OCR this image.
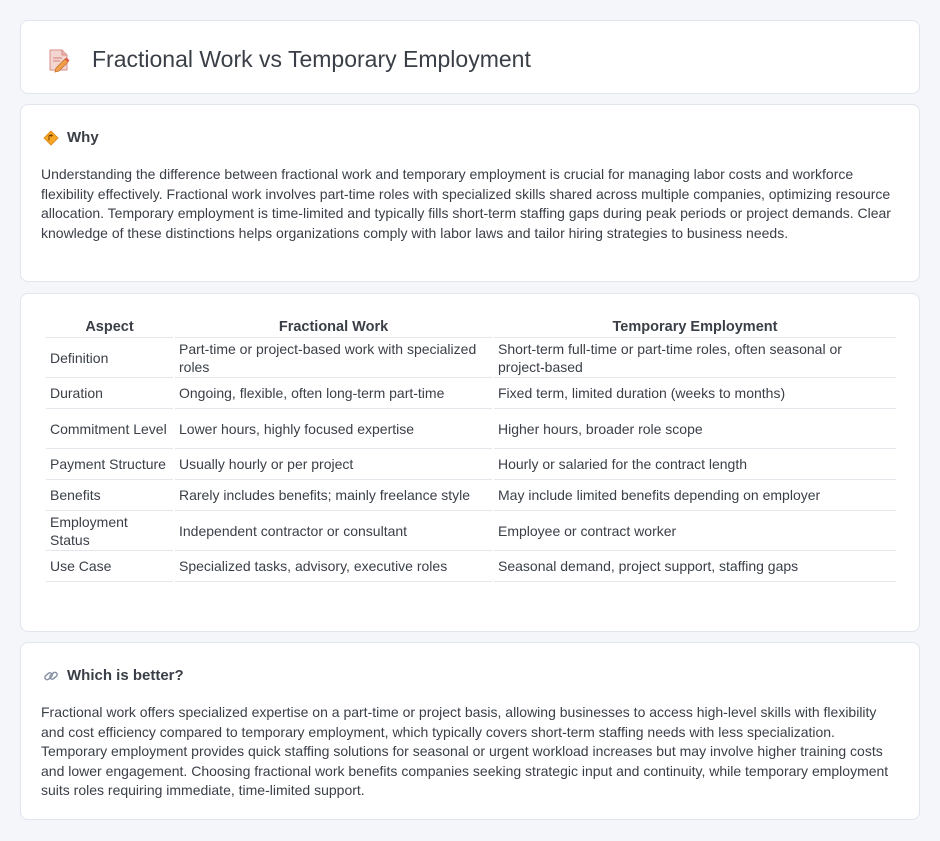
Fractional Work vs Temporary Employment
Why

Understanding the difference between fractional work and temporary employment is crucial for managing labor costs and workforce flexibility effectively. Fractional work involves part-time roles with specialized skills shared across multiple companies, optimizing resource allocation. Temporary employment is time-limited and typically fills short-term staffing gaps during peak periods or project demands. Clear knowledge of these distinctions helps organizations comply with labor laws and tailor hiring strategies to business needs.

Aspect	Fractional Work	Temporary Employment
Definition	Part-time or project-based work with specialized roles	Short-term full-time or part-time roles, often seasonal or project-based
Duration	Ongoing, flexible, often long-term part-time	Fixed term, limited duration (weeks to months)
Commitment Level	Lower hours, highly focused expertise	Higher hours, broader role scope
Payment Structure	Usually hourly or per project	Hourly or salaried for the contract length
Benefits	Rarely includes benefits; mainly freelance style	May include limited benefits depending on employer
Employment Status	Independent contractor or consultant	Employee or contract worker
Use Case	Specialized tasks, advisory, executive roles	Seasonal demand, project support, staffing gaps
Which is better?

Fractional work offers specialized expertise on a part-time or project basis, allowing businesses to access high-level skills with flexibility and cost efficiency compared to temporary employment, which typically covers short-term staffing needs with less specialization. Temporary employment provides quick staffing solutions for seasonal or urgent workload increases but may involve higher training costs and lower engagement. Choosing fractional work benefits companies seeking strategic input and continuity, while temporary employment suits roles requiring immediate, time-limited support.
